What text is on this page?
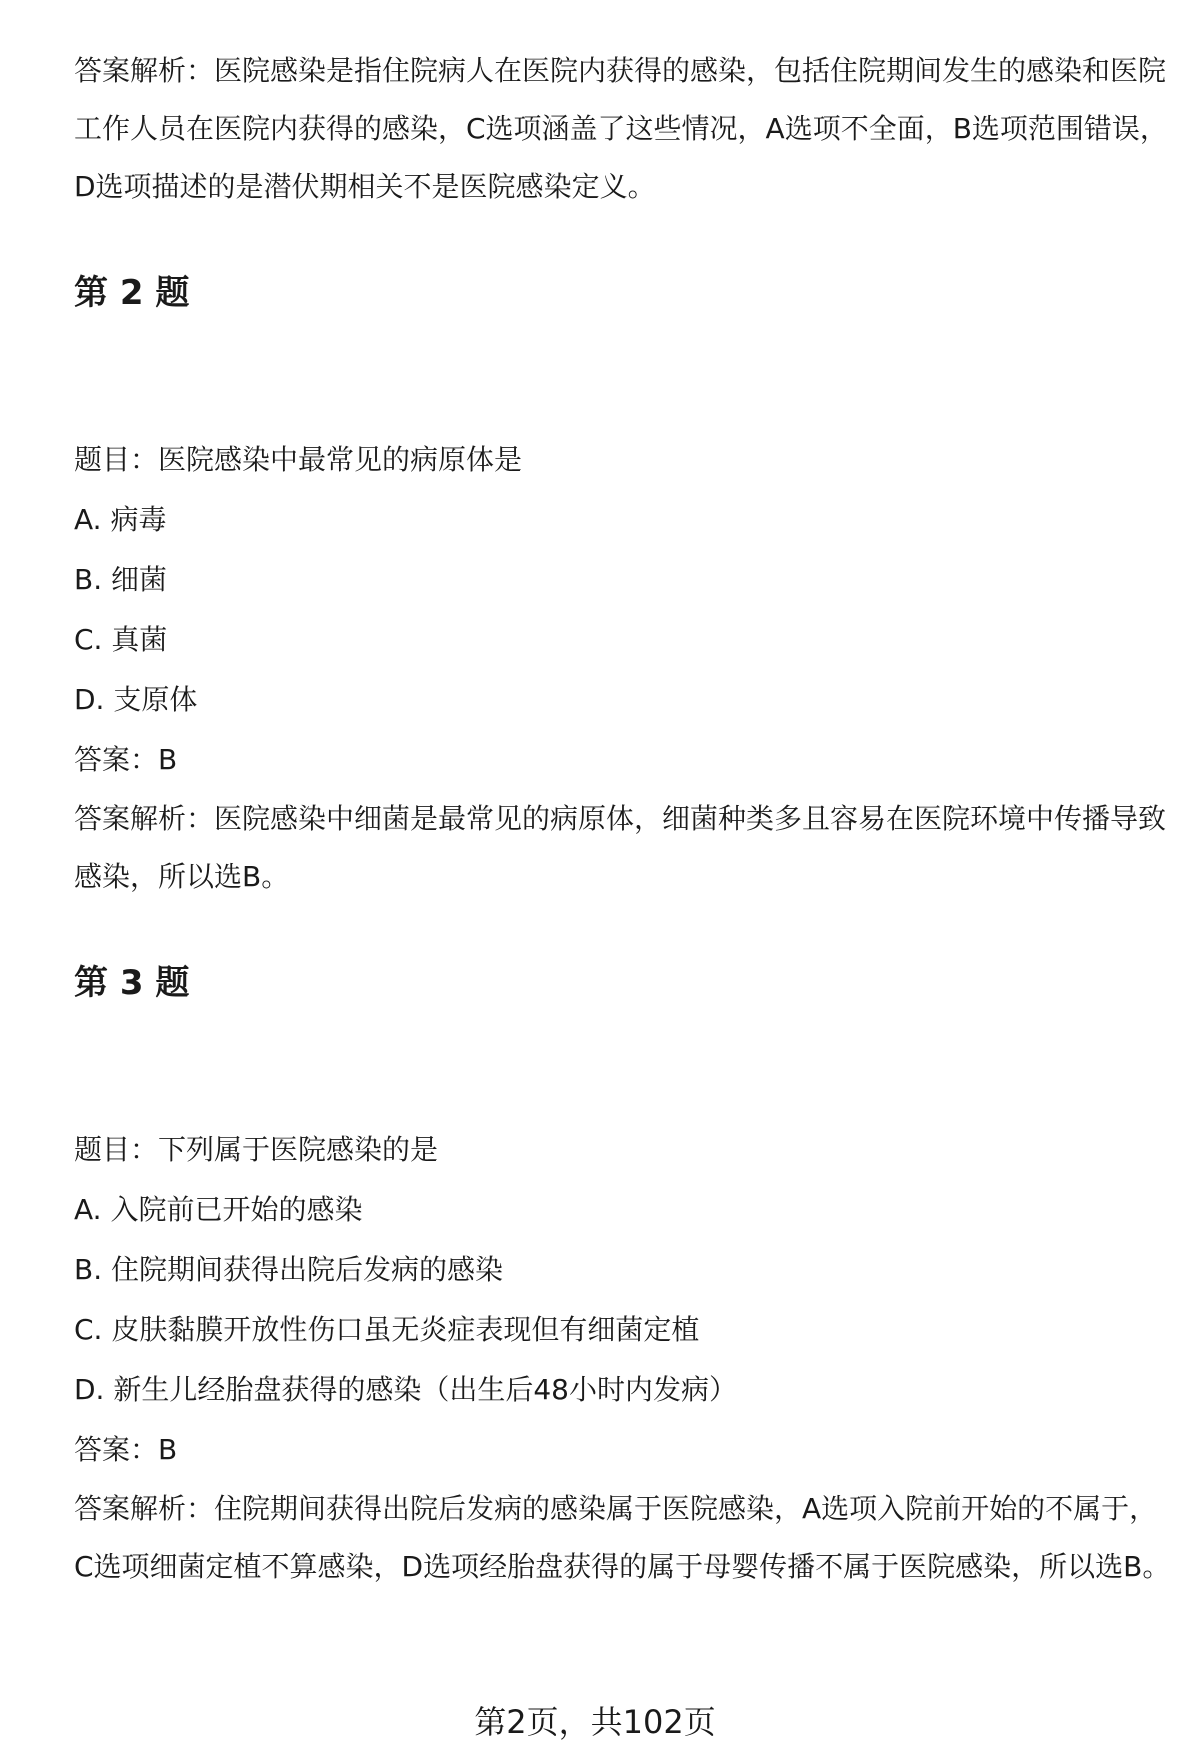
答案解析：医院感染是指住院病人在医院内获得的感染，包括住院期间发生的感染和医院工作人员在医院内获得的感染，C选项涵盖了这些情况，A选项不全面，B选项范围错误，D选项描述的是潜伏期相关不是医院感染定义。

第 2 题

题目：医院感染中最常见的病原体是

A. 病毒

B. 细菌

C. 真菌

D. 支原体

答案：B

答案解析：医院感染中细菌是最常见的病原体，细菌种类多且容易在医院环境中传播导致感染，所以选B。

第 3 题

题目：下列属于医院感染的是

A. 入院前已开始的感染

B. 住院期间获得出院后发病的感染

C. 皮肤黏膜开放性伤口虽无炎症表现但有细菌定植

D. 新生儿经胎盘获得的感染（出生后48小时内发病）

答案：B

答案解析：住院期间获得出院后发病的感染属于医院感染，A选项入院前开始的不属于，C选项细菌定植不算感染，D选项经胎盘获得的属于母婴传播不属于医院感染，所以选B。

第2页，共102页
